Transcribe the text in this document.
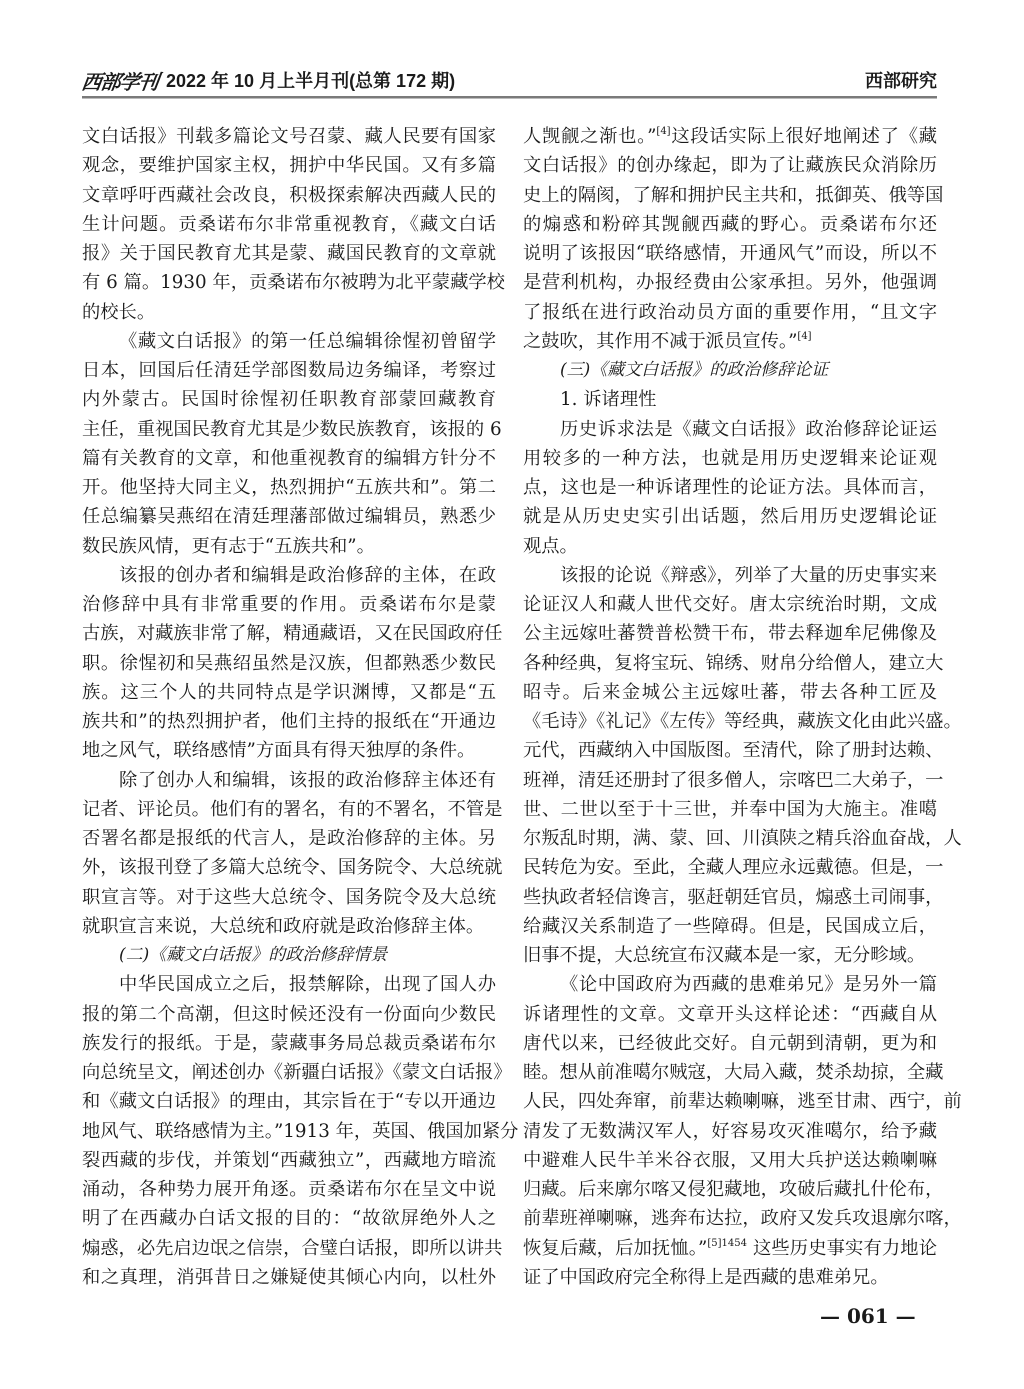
西部学刊 2022 年 10 月上半月刊(总第 172 期)	西部研究
文白话报》刊载多篇论文号召蒙、藏人民要有国家
观念，要维护国家主权，拥护中华民国。又有多篇
文章呼吁西藏社会改良，积极探索解决西藏人民的
生计问题。贡桑诺布尔非常重视教育，《藏文白话
报》关于国民教育尤其是蒙、藏国民教育的文章就
有 6 篇。1930 年，贡桑诺布尔被聘为北平蒙藏学校
的校长。
《藏文白话报》的第一任总编辑徐惺初曾留学
日本，回国后任清廷学部图数局边务编译，考察过
内外蒙古。民国时徐惺初任职教育部蒙回藏教育
主任，重视国民教育尤其是少数民族教育，该报的 6
篇有关教育的文章，和他重视教育的编辑方针分不
开。他坚持大同主义，热烈拥护“五族共和”。第二
任总编纂吴燕绍在清廷理藩部做过编辑员，熟悉少
数民族风情，更有志于“五族共和”。
该报的创办者和编辑是政治修辞的主体，在政
治修辞中具有非常重要的作用。贡桑诺布尔是蒙
古族，对藏族非常了解，精通藏语，又在民国政府任
职。徐惺初和吴燕绍虽然是汉族，但都熟悉少数民
族。这三个人的共同特点是学识渊博，又都是“五
族共和”的热烈拥护者，他们主持的报纸在“开通边
地之风气，联络感情”方面具有得天独厚的条件。
除了创办人和编辑，该报的政治修辞主体还有
记者、评论员。他们有的署名，有的不署名，不管是
否署名都是报纸的代言人，是政治修辞的主体。另
外，该报刊登了多篇大总统令、国务院令、大总统就
职宣言等。对于这些大总统令、国务院令及大总统
就职宣言来说，大总统和政府就是政治修辞主体。
(二)《藏文白话报》的政治修辞情景
中华民国成立之后，报禁解除，出现了国人办
报的第二个高潮，但这时候还没有一份面向少数民
族发行的报纸。于是，蒙藏事务局总裁贡桑诺布尔
向总统呈文，阐述创办《新疆白话报》《蒙文白话报》
和《藏文白话报》的理由，其宗旨在于“专以开通边
地风气、联络感情为主。”1913 年，英国、俄国加紧分
裂西藏的步伐，并策划“西藏独立”，西藏地方暗流
涌动，各种势力展开角逐。贡桑诺布尔在呈文中说
明了在西藏办白话文报的目的：“故欲屏绝外人之
煽惑，必先启边氓之信崇，合璧白话报，即所以讲共
和之真理，消弭昔日之嫌疑使其倾心内向，以杜外
人觊觎之渐也。”[4]这段话实际上很好地阐述了《藏
文白话报》的创办缘起，即为了让藏族民众消除历
史上的隔阂，了解和拥护民主共和，抵御英、俄等国
的煽惑和粉碎其觊觎西藏的野心。贡桑诺布尔还
说明了该报因“联络感情，开通风气”而设，所以不
是营利机构，办报经费由公家承担。另外，他强调
了报纸在进行政治动员方面的重要作用，“且文字
之鼓吹，其作用不减于派员宣传。”[4]
(三)《藏文白话报》的政治修辞论证
1. 诉诸理性
历史诉求法是《藏文白话报》政治修辞论证运
用较多的一种方法，也就是用历史逻辑来论证观
点，这也是一种诉诸理性的论证方法。具体而言，
就是从历史史实引出话题，然后用历史逻辑论证
观点。
该报的论说《辩惑》，列举了大量的历史事实来
论证汉人和藏人世代交好。唐太宗统治时期，文成
公主远嫁吐蕃赞普松赞干布，带去释迦牟尼佛像及
各种经典，复将宝玩、锦绣、财帛分给僧人，建立大
昭寺。后来金城公主远嫁吐蕃，带去各种工匠及
《毛诗》《礼记》《左传》等经典，藏族文化由此兴盛。
元代，西藏纳入中国版图。至清代，除了册封达赖、
班禅，清廷还册封了很多僧人，宗喀巴二大弟子，一
世、二世以至于十三世，并奉中国为大施主。准噶
尔叛乱时期，满、蒙、回、川滇陕之精兵浴血奋战，人
民转危为安。至此，全藏人理应永远戴德。但是，一
些执政者轻信谗言，驱赶朝廷官员，煽惑土司闹事，
给藏汉关系制造了一些障碍。但是，民国成立后，
旧事不提，大总统宣布汉藏本是一家，无分畛域。
《论中国政府为西藏的患难弟兄》是另外一篇
诉诸理性的文章。文章开头这样论述：“西藏自从
唐代以来，已经彼此交好。自元朝到清朝，更为和
睦。想从前准噶尔贼寇，大局入藏，焚杀劫掠，全藏
人民，四处奔窜，前辈达赖喇嘛，逃至甘肃、西宁，前
清发了无数满汉军人，好容易攻灭准噶尔，给予藏
中避难人民牛羊米谷衣服，又用大兵护送达赖喇嘛
归藏。后来廓尔喀又侵犯藏地，攻破后藏扎什伦布，
前辈班禅喇嘛，逃奔布达拉，政府又发兵攻退廓尔喀，
恢复后藏，后加抚恤。”$^{[5]1454}$ 这些历史事实有力地论
证了中国政府完全称得上是西藏的患难弟兄。
— 061 —
